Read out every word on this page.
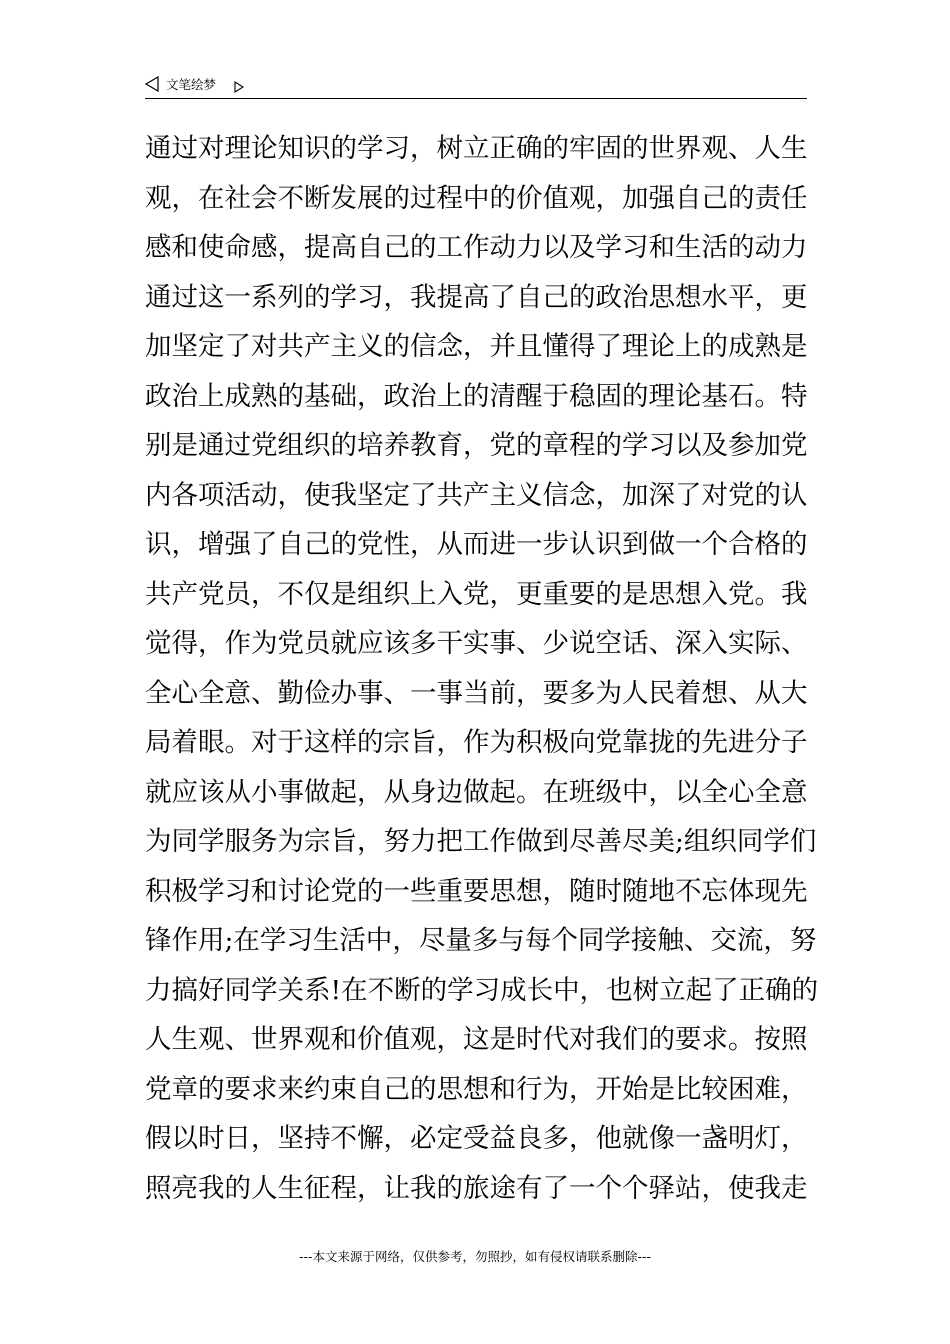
文笔绘梦
通过对理论知识的学习，树立正确的牢固的世界观、人生
观，在社会不断发展的过程中的价值观，加强自己的责任
感和使命感，提高自己的工作动力以及学习和生活的动力
通过这一系列的学习，我提高了自己的政治思想水平，更
加坚定了对共产主义的信念，并且懂得了理论上的成熟是
政治上成熟的基础，政治上的清醒于稳固的理论基石。特
别是通过党组织的培养教育，党的章程的学习以及参加党
内各项活动，使我坚定了共产主义信念，加深了对党的认
识，增强了自己的党性，从而进一步认识到做一个合格的
共产党员，不仅是组织上入党，更重要的是思想入党。我
觉得，作为党员就应该多干实事、少说空话、深入实际、
全心全意、勤俭办事、一事当前，要多为人民着想、从大
局着眼。对于这样的宗旨，作为积极向党靠拢的先进分子
就应该从小事做起，从身边做起。在班级中，以全心全意
为同学服务为宗旨，努力把工作做到尽善尽美;组织同学们
积极学习和讨论党的一些重要思想，随时随地不忘体现先
锋作用;在学习生活中，尽量多与每个同学接触、交流，努
力搞好同学关系!在不断的学习成长中，也树立起了正确的
人生观、世界观和价值观，这是时代对我们的要求。按照
党章的要求来约束自己的思想和行为，开始是比较困难，
假以时日，坚持不懈，必定受益良多，他就像一盏明灯，
照亮我的人生征程，让我的旅途有了一个个驿站，使我走
---本文来源于网络，仅供参考，勿照抄，如有侵权请联系删除---
